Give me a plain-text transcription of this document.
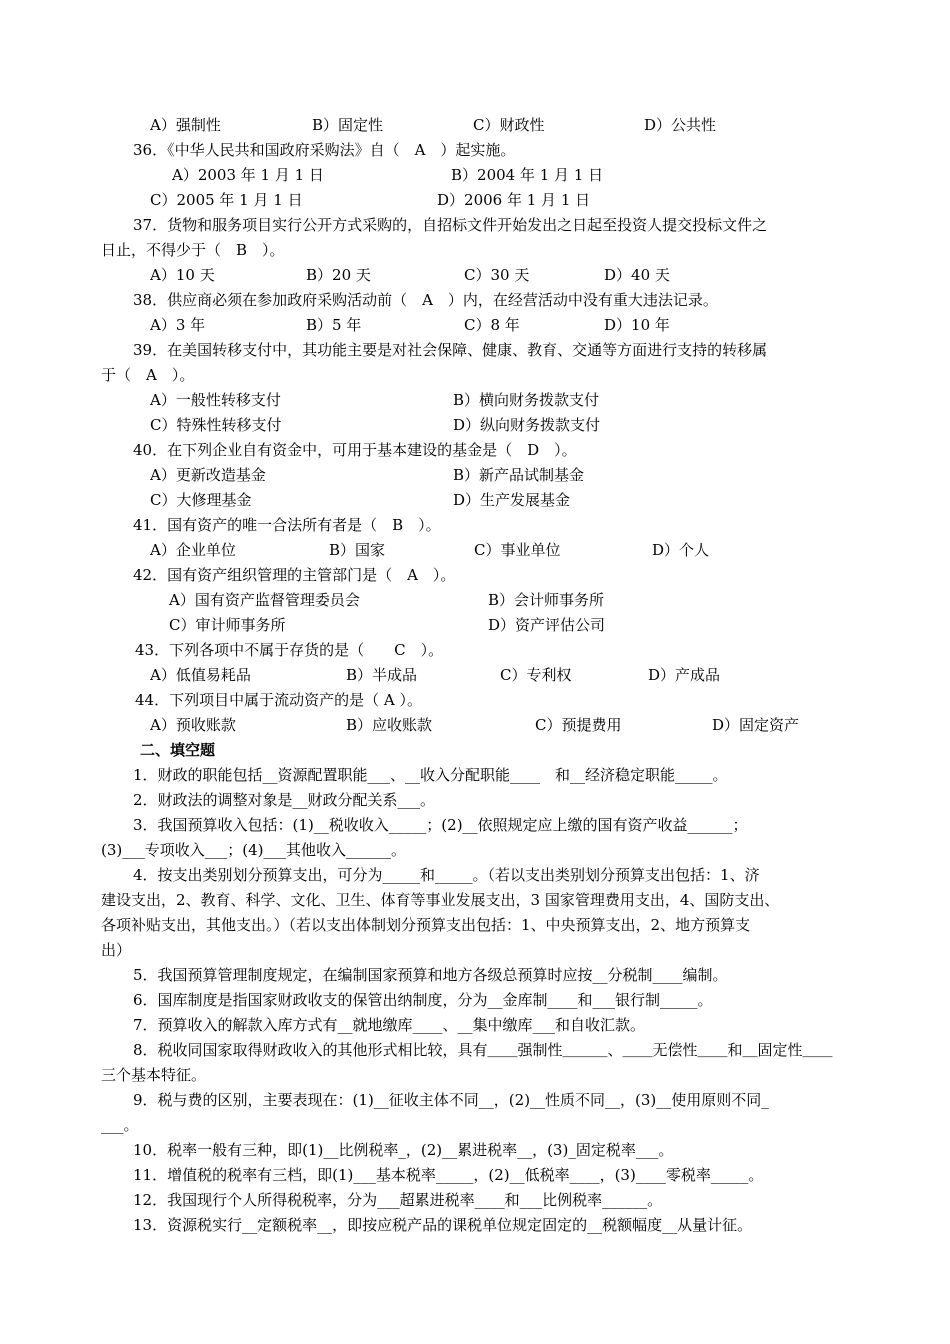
A）强制性	B）固定性	C）财政性	D）公共性
36．《中华人民共和国政府采购法》自（　A　）起实施。
A）2003 年 1 月 1 日	B）2004 年 1 月 1 日
C）2005 年 1 月 1 日	D）2006 年 1 月 1 日
37．货物和服务项目实行公开方式采购的，自招标文件开始发出之日起至投资人提交投标文件之
日止，不得少于（　B　）。
A）10 天	B）20 天	C）30 天	D）40 天
38．供应商必须在参加政府采购活动前（　A　）内，在经营活动中没有重大违法记录。
A）3 年	B）5 年	C）8 年	D）10 年
39．在美国转移支付中，其功能主要是对社会保障、健康、教育、交通等方面进行支持的转移属
于（　A　）。
A）一般性转移支付	B）横向财务拨款支付
C）特殊性转移支付	D）纵向财务拨款支付
40．在下列企业自有资金中，可用于基本建设的基金是（　D　）。
A）更新改造基金	B）新产品试制基金
C）大修理基金	D）生产发展基金
41．国有资产的唯一合法所有者是（　B　）。
A）企业单位	B）国家	C）事业单位	D）个人
42．国有资产组织管理的主管部门是（　A　）。
A）国有资产监督管理委员会	B）会计师事务所
C）审计师事务所	D）资产评估公司
43．下列各项中不属于存货的是（　　C　）。
A）低值易耗品	B）半成品	C）专利权	D）产成品
44．下列项目中属于流动资产的是（ A ）。
A）预收账款	B）应收账款	C）预提费用	D）固定资产
二、填空题
1．财政的职能包括__资源配置职能___、__收入分配职能____　和__经济稳定职能_____。
2．财政法的调整对象是__财政分配关系___。
3．我国预算收入包括：(1)__税收收入_____；(2)__依照规定应上缴的国有资产收益______；
(3)___专项收入___；(4)___其他收入______。
4．按支出类别划分预算支出，可分为_____和_____。（若以支出类别划分预算支出包括：1、济
建设支出，2、教育、科学、文化、卫生、体育等事业发展支出，3 国家管理费用支出，4、国防支出、
各项补贴支出，其他支出。）（若以支出体制划分预算支出包括：1、中央预算支出，2、地方预算支
出）
5．我国预算管理制度规定，在编制国家预算和地方各级总预算时应按__分税制____编制。
6．国库制度是指国家财政收支的保管出纳制度，分为__金库制____和___银行制_____。
7．预算收入的解款入库方式有__就地缴库____、__集中缴库___和自收汇款。
8．税收同国家取得财政收入的其他形式相比较，具有＿＿强制性＿＿＿、＿＿无偿性＿＿和＿固定性＿＿
三个基本特征。
9．税与费的区别，主要表现在：(1)__征收主体不同__，(2)__性质不同__，(3)__使用原则不同_
___。
10．税率一般有三种，即(1)__比例税率_，(2)__累进税率__，(3)_固定税率___。
11．增值税的税率有三档，即(1)___基本税率_____，(2)__低税率____，(3)____零税率_____。
12．我国现行个人所得税税率，分为___超累进税率____和___比例税率______。
13．资源税实行__定额税率__，即按应税产品的课税单位规定固定的__税额幅度__从量计征。
